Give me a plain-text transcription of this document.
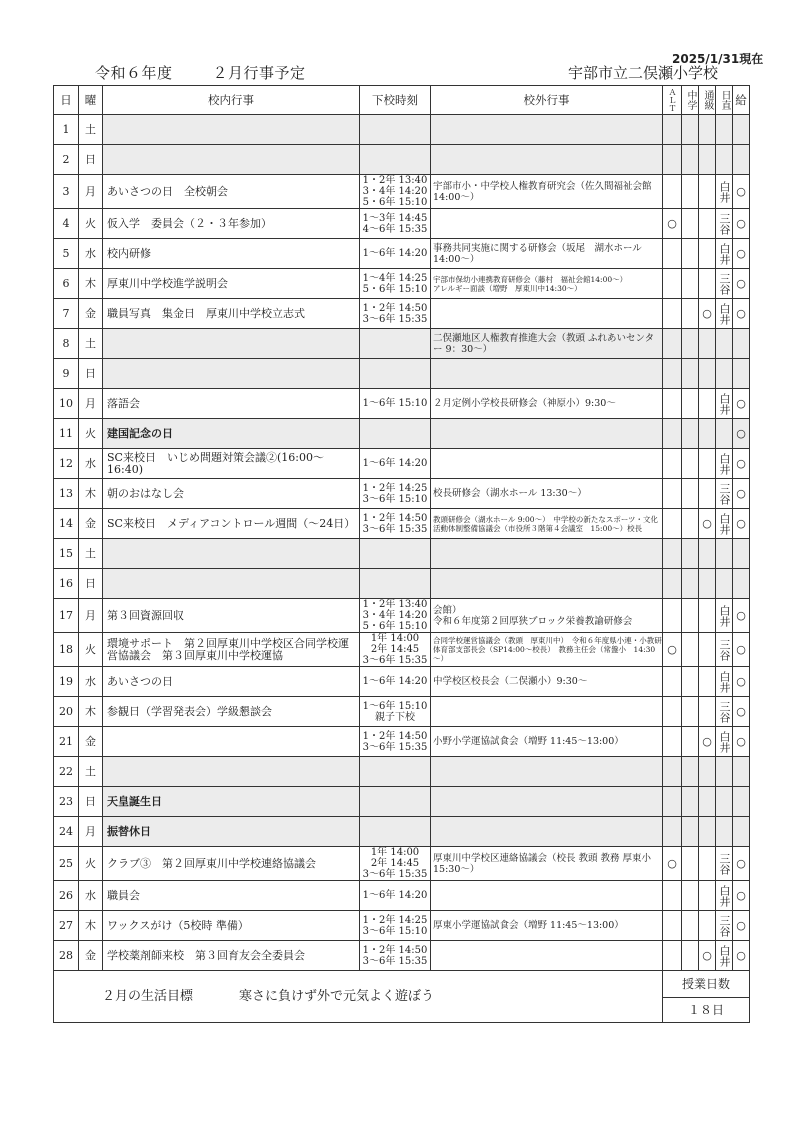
2025/1/31現在
令和６年度	２月行事予定	宇部市立二俣瀬小学校
日	曜	校内行事	下校時刻	校外行事	ＡＬＴ	中学	通級	日直	給
1	土								
2	日								
3	月	あいさつの日　全校朝会	1・2年 13:40
3・4年 14:20
5・6年 15:10	宇部市小・中学校人権教育研究会（佐久間福祉会館　14:00～）				白井	○
4	火	仮入学　委員会（２・３年参加）	1～3年 14:45
4～6年 15:35		○			三谷	○
5	水	校内研修	1～6年 14:20	事務共同実施に関する研修会（坂尾　湖水ホール14:00～）				白井	○
6	木	厚東川中学校進学説明会	1～4年 14:25
5・6年 15:10	宇部市保幼小連携教育研修会（藤村　福祉会館14:00～）
アレルギー面談（増野　厚東川中14:30～）				三谷	○
7	金	職員写真　集金日　厚東川中学校立志式	1・2年 14:50
3～6年 15:35				○	白井	○
8	土			二俣瀬地区人権教育推進大会（教頭 ふれあいセンター 9：30～）					
9	日								
10	月	落語会	1～6年 15:10	２月定例小学校長研修会（神原小）9:30～				白井	○
11	火	建国記念の日							○
12	水	SC来校日　いじめ問題対策会議②(16:00～16:40)	1～6年 14:20					白井	○
13	木	朝のおはなし会	1・2年 14:25
3～6年 15:10	校長研修会（湖水ホール 13:30～）				三谷	○
14	金	SC来校日　メディアコントロール週間（～24日）	1・2年 14:50
3～6年 15:35	教頭研修会（湖水ホール 9:00～）　中学校の新たなスポーツ・文化活動体制整備協議会（市役所３階第４会議室　15:00～）校長			○	白井	○
15	土								
16	日								
17	月	第３回資源回収	1・2年 13:40
3・4年 14:20
5・6年 15:10	会館）
令和６年度第２回厚狭ブロック栄養教諭研修会				白井	○
18	火	環境サポート　第２回厚東川中学校区合同学校運営協議会　第３回厚東川中学校運協	1年 14:00
2年 14:45
3～6年 15:35	合同学校運営協議会（教頭　厚東川中）　令和６年度県小連・小教研体育部支部長会（SP14:00～校長）　教務主任会（常盤小　14:30～）	○			三谷	○
19	水	あいさつの日	1～6年 14:20	中学校区校長会（二俣瀬小）9:30～				白井	○
20	木	参観日（学習発表会）学級懇談会	1～6年 15:10
親子下校					三谷	○
21	金		1・2年 14:50
3～6年 15:35	小野小学運協試食会（増野 11:45～13:00）			○	白井	○
22	土								
23	日	天皇誕生日							
24	月	振替休日							
25	火	クラブ③　第２回厚東川中学校連絡協議会	1年 14:00
2年 14:45
3～6年 15:35	厚東川中学校区連絡協議会（校長 教頭 教務 厚東小 15:30～）	○			三谷	○
26	水	職員会	1～6年 14:20					白井	○
27	木	ワックスがけ（5校時 準備）	1・2年 14:25
3～6年 15:10	厚東小学運協試食会（増野 11:45～13:00）				三谷	○
28	金	学校薬剤師来校　第３回育友会全委員会	1・2年 14:50
3～6年 15:35				○	白井	○
２月の生活目標 寒さに負けず外で元気よく遊ぼう					授業日数				
					１８日				
